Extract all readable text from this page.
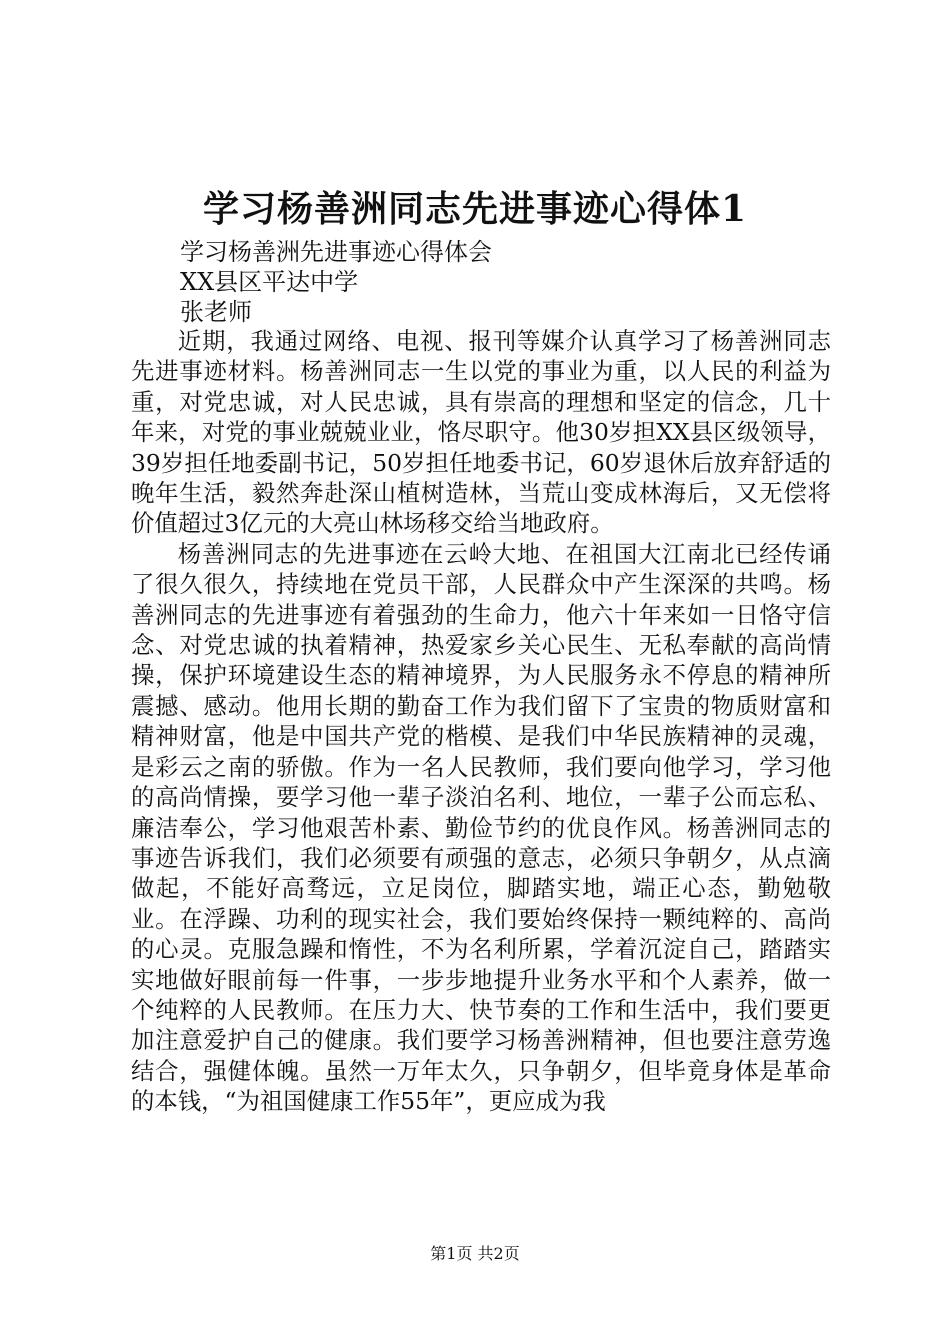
学习杨善洲同志先进事迹心得体1

学习杨善洲先进事迹心得体会

XX县区平达中学

张老师

近期，我通过网络、电视、报刊等媒介认真学习了杨善洲同志先进事迹材料。杨善洲同志一生以党的事业为重，以人民的利益为重，对党忠诚，对人民忠诚，具有崇高的理想和坚定的信念，几十年来，对党的事业兢兢业业，恪尽职守。他30岁担XX县区级领导，39岁担任地委副书记，50岁担任地委书记，60岁退休后放弃舒适的晚年生活，毅然奔赴深山植树造林，当荒山变成林海后，又无偿将价值超过3亿元的大亮山林场移交给当地政府。

杨善洲同志的先进事迹在云岭大地、在祖国大江南北已经传诵了很久很久，持续地在党员干部，人民群众中产生深深的共鸣。杨善洲同志的先进事迹有着强劲的生命力，他六十年来如一日恪守信念、对党忠诚的执着精神，热爱家乡关心民生、无私奉献的高尚情操，保护环境建设生态的精神境界，为人民服务永不停息的精神所震撼、感动。他用长期的勤奋工作为我们留下了宝贵的物质财富和精神财富，他是中国共产党的楷模、是我们中华民族精神的灵魂，是彩云之南的骄傲。作为一名人民教师，我们要向他学习，学习他的高尚情操，要学习他一辈子淡泊名利、地位，一辈子公而忘私、廉洁奉公，学习他艰苦朴素、勤俭节约的优良作风。杨善洲同志的事迹告诉我们，我们必须要有顽强的意志，必须只争朝夕，从点滴做起，不能好高骛远，立足岗位，脚踏实地，端正心态，勤勉敬业。在浮躁、功利的现实社会，我们要始终保持一颗纯粹的、高尚的心灵。克服急躁和惰性，不为名利所累，学着沉淀自己，踏踏实实地做好眼前每一件事，一步步地提升业务水平和个人素养，做一个纯粹的人民教师。在压力大、快节奏的工作和生活中，我们要更加注意爱护自己的健康。我们要学习杨善洲精神，但也要注意劳逸结合，强健体魄。虽然一万年太久，只争朝夕，但毕竟身体是革命的本钱，“为祖国健康工作55年”，更应成为我

第1页 共2页
